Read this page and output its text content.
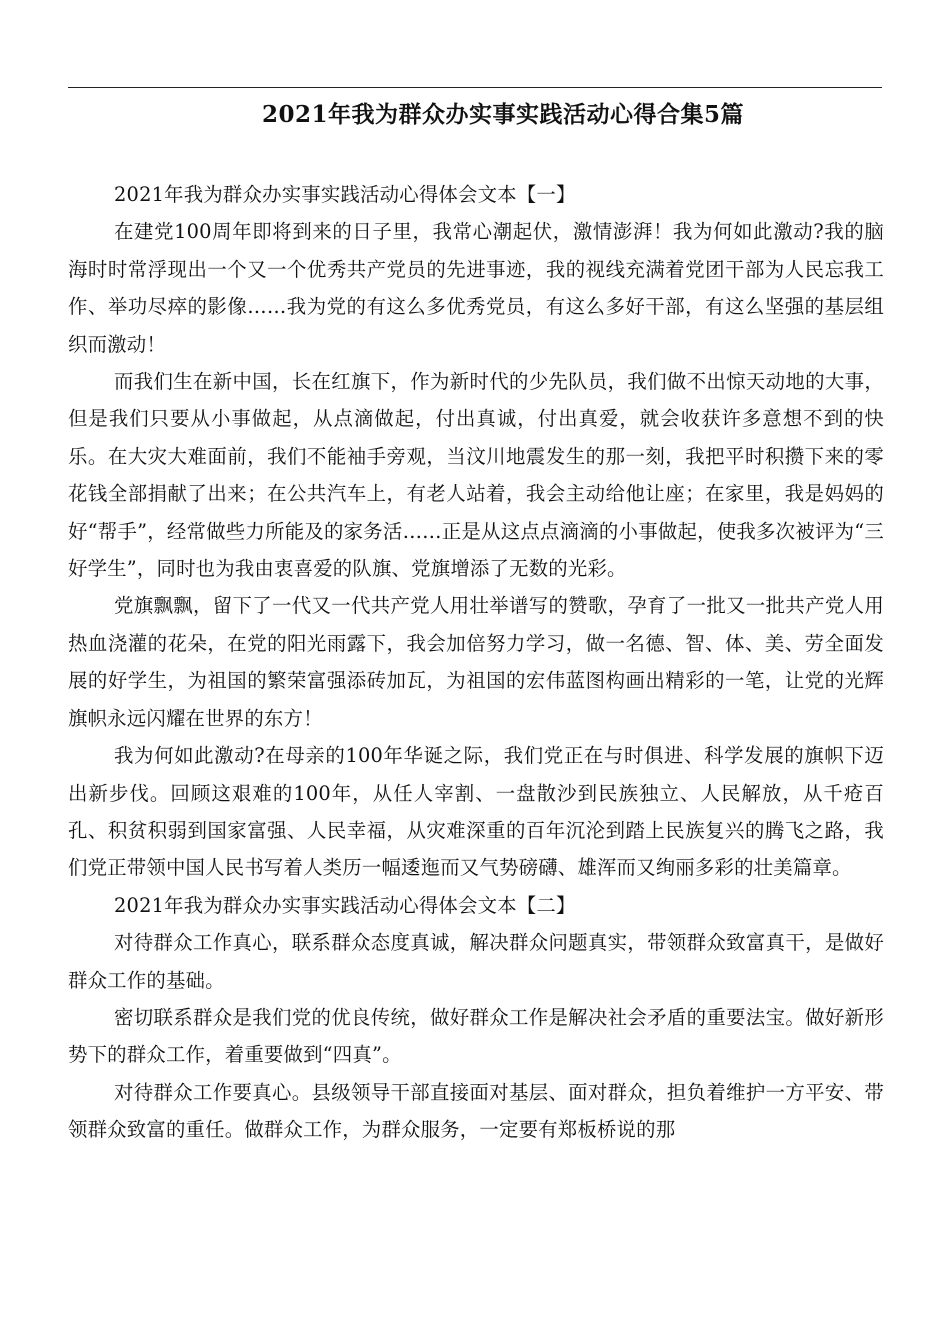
2021年我为群众办实事实践活动心得合集5篇

2021年我为群众办实事实践活动心得体会文本【一】

在建党100周年即将到来的日子里，我常心潮起伏，激情澎湃！我为何如此激动?我的脑海时时常浮现出一个又一个优秀共产党员的先进事迹，我的视线充满着党团干部为人民忘我工作、举功尽瘁的影像……我为党的有这么多优秀党员，有这么多好干部，有这么坚强的基层组织而激动！

而我们生在新中国，长在红旗下，作为新时代的少先队员，我们做不出惊天动地的大事，但是我们只要从小事做起，从点滴做起，付出真诚，付出真爱，就会收获许多意想不到的快乐。在大灾大难面前，我们不能袖手旁观，当汶川地震发生的那一刻，我把平时积攒下来的零花钱全部捐献了出来；在公共汽车上，有老人站着，我会主动给他让座；在家里，我是妈妈的好“帮手”，经常做些力所能及的家务活……正是从这点点滴滴的小事做起，使我多次被评为“三好学生”，同时也为我由衷喜爱的队旗、党旗增添了无数的光彩。

党旗飘飘，留下了一代又一代共产党人用壮举谱写的赞歌，孕育了一批又一批共产党人用热血浇灌的花朵，在党的阳光雨露下，我会加倍努力学习，做一名德、智、体、美、劳全面发展的好学生，为祖国的繁荣富强添砖加瓦，为祖国的宏伟蓝图构画出精彩的一笔，让党的光辉旗帜永远闪耀在世界的东方！

我为何如此激动?在母亲的100年华诞之际，我们党正在与时俱进、科学发展的旗帜下迈出新步伐。回顾这艰难的100年，从任人宰割、一盘散沙到民族独立、人民解放，从千疮百孔、积贫积弱到国家富强、人民幸福，从灾难深重的百年沉沦到踏上民族复兴的腾飞之路，我们党正带领中国人民书写着人类历一幅逶迤而又气势磅礴、雄浑而又绚丽多彩的壮美篇章。

2021年我为群众办实事实践活动心得体会文本【二】

对待群众工作真心，联系群众态度真诚，解决群众问题真实，带领群众致富真干，是做好群众工作的基础。

密切联系群众是我们党的优良传统，做好群众工作是解决社会矛盾的重要法宝。做好新形势下的群众工作，着重要做到“四真”。

对待群众工作要真心。县级领导干部直接面对基层、面对群众，担负着维护一方平安、带领群众致富的重任。做群众工作，为群众服务，一定要有郑板桥说的那
